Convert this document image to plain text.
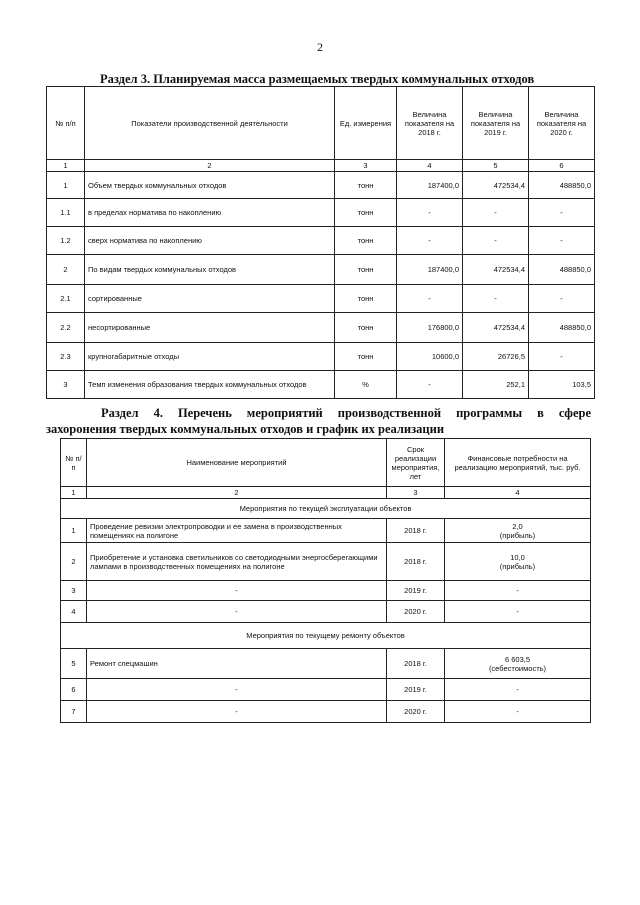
2
Раздел 3. Планируемая масса размещаемых твердых коммунальных отходов
№ п/п	Показатели производственной деятельности	Ед. измерения	Величина показателя на 2018 г.	Величина показателя на 2019 г.	Величина показателя на 2020 г.
1	2	3	4	5	6
1	Объем твердых коммунальных отходов	тонн	187400,0	472534,4	488850,0
1.1	в пределах норматива по накоплению	тонн	-	-	-
1.2	сверх норматива по накоплению	тонн	-	-	-
2	По видам твердых коммунальных отходов	тонн	187400,0	472534,4	488850,0
2.1	сортированные	тонн	-	-	-
2.2	несортированные	тонн	176800,0	472534,4	488850,0
2.3	крупногабаритные отходы	тонн	10600,0	26726,5	-
3	Темп изменения образования твердых коммунальных отходов	%	-	252,1	103,5
Раздел 4. Перечень мероприятий производственной программы в сфере
захоронения твердых коммунальных отходов и график их реализации
№ п/п	Наименование мероприятий	Срок реализации мероприятия, лет	Финансовые потребности на реализацию мероприятий, тыс. руб.
1	2	3	4
Мероприятия по текущей эксплуатации объектов			
1	Проведение ревизии электропроводки и ее замена в производственных помещениях на полигоне	2018 г.	2,0
(прибыль)
2	Приобретение и установка светильников со светодиодными энергосберегающими лампами в производственных помещениях на полигоне	2018 г.	10,0
(прибыль)
3	-	2019 г.	-
4	-	2020 г.	-
Мероприятия по текущему ремонту объектов			
5	Ремонт спецмашин	2018 г.	6 603,5
(себестоимость)
6	-	2019 г.	-
7	-	2020 г.	-
